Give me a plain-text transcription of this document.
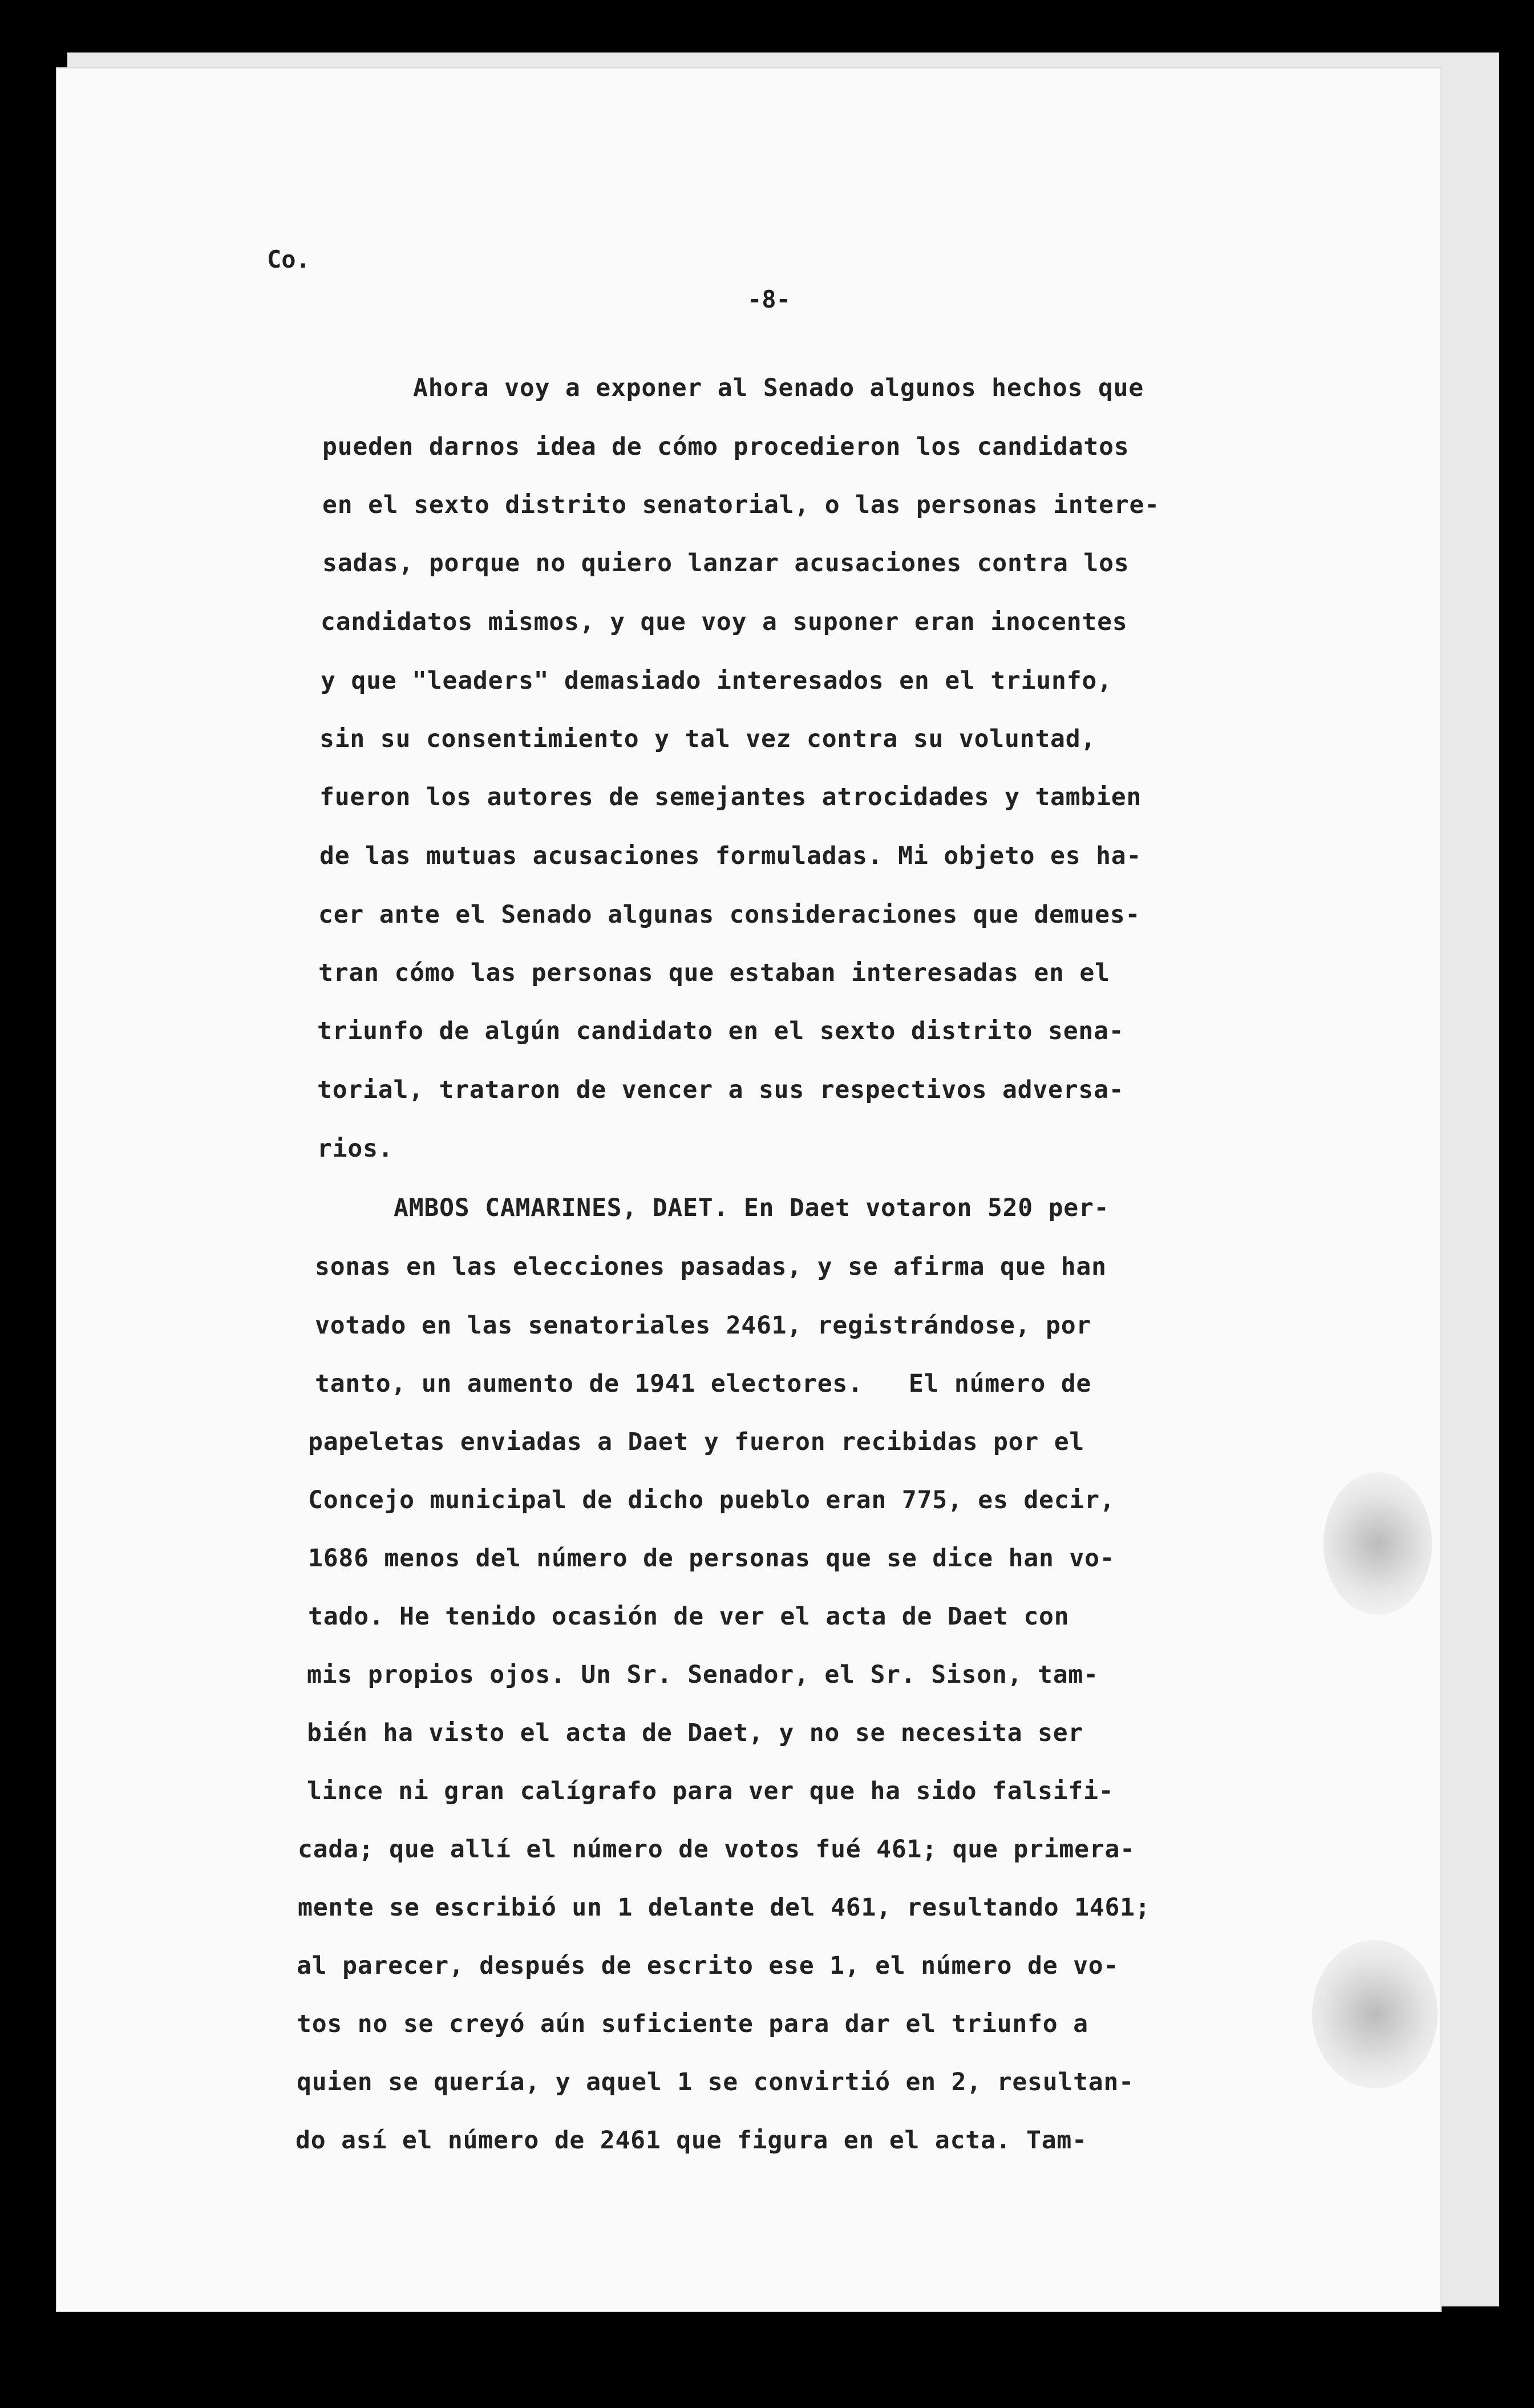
Co.

-8-

Ahora voy a exponer al Senado algunos hechos que

pueden darnos idea de cómo procedieron los candidatos

en el sexto distrito senatorial, o las personas intere-

sadas, porque no quiero lanzar acusaciones contra los

candidatos mismos, y que voy a suponer eran inocentes

y que "leaders" demasiado interesados en el triunfo,

sin su consentimiento y tal vez contra su voluntad,

fueron los autores de semejantes atrocidades y tambien

de las mutuas acusaciones formuladas. Mi objeto es ha-

cer ante el Senado algunas consideraciones que demues-

tran cómo las personas que estaban interesadas en el

triunfo de algún candidato en el sexto distrito sena-

torial, trataron de vencer a sus respectivos adversa-

rios.

AMBOS CAMARINES, DAET. En Daet votaron 520 per-

sonas en las elecciones pasadas, y se afirma que han

votado en las senatoriales 2461, registrándose, por

tanto, un aumento de 1941 electores.   El número de

papeletas enviadas a Daet y fueron recibidas por el

Concejo municipal de dicho pueblo eran 775, es decir,

1686 menos del número de personas que se dice han vo-

tado. He tenido ocasión de ver el acta de Daet con

mis propios ojos. Un Sr. Senador, el Sr. Sison, tam-

bién ha visto el acta de Daet, y no se necesita ser

lince ni gran calígrafo para ver que ha sido falsifi-

cada; que allí el número de votos fué 461; que primera-

mente se escribió un 1 delante del 461, resultando 1461;

al parecer, después de escrito ese 1, el número de vo-

tos no se creyó aún suficiente para dar el triunfo a

quien se quería, y aquel 1 se convirtió en 2, resultan-

do así el número de 2461 que figura en el acta. Tam-
